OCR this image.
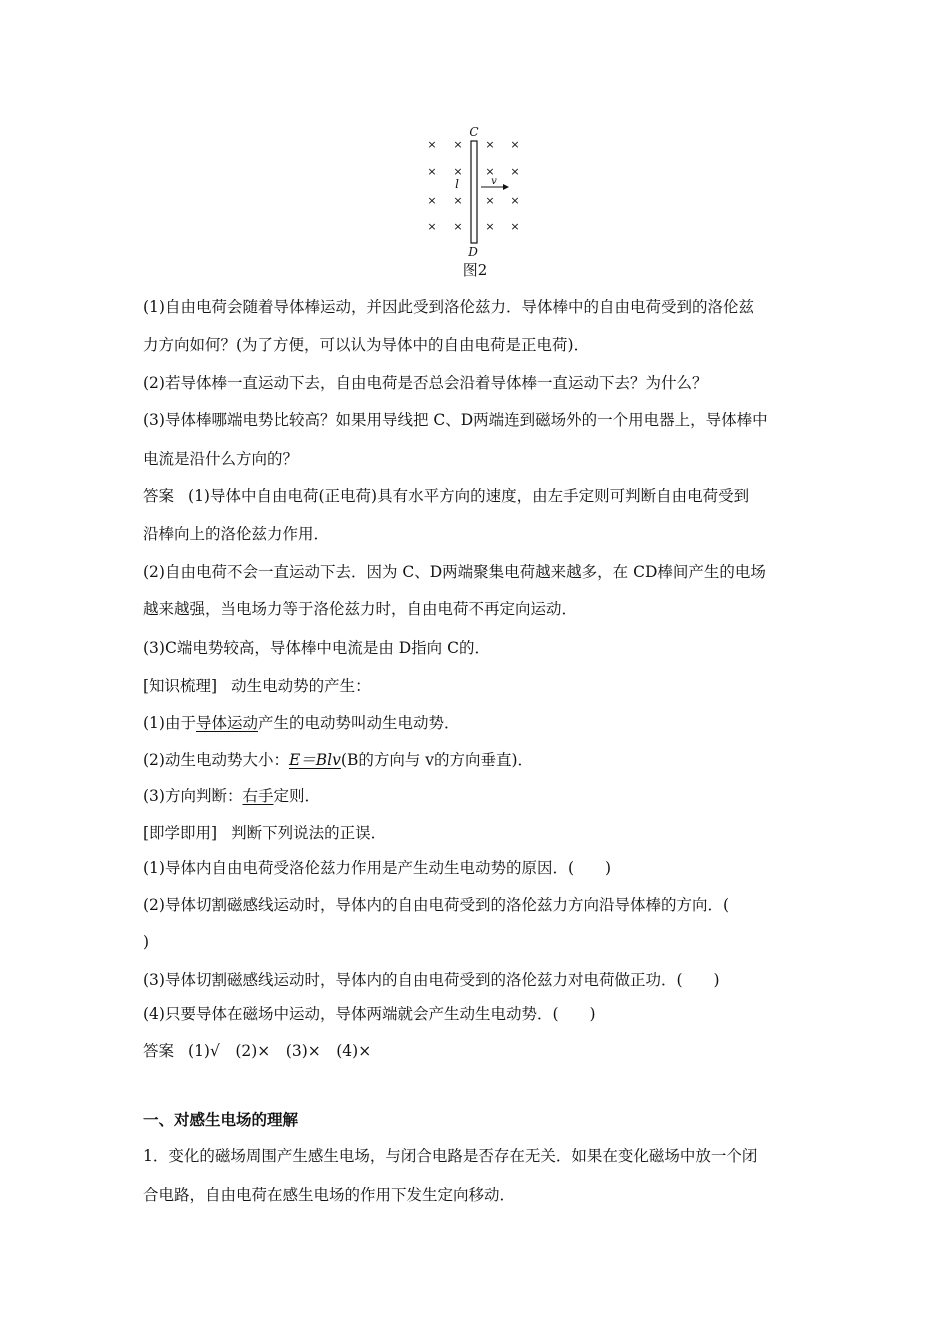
× × × ×
× × × ×
× × × ×
× × × ×
C
D
l	v
图2
(1)自由电荷会随着导体棒运动，并因此受到洛伦兹力．导体棒中的自由电荷受到的洛伦兹
力方向如何？(为了方便，可以认为导体中的自由电荷是正电荷)．
(2)若导体棒一直运动下去，自由电荷是否总会沿着导体棒一直运动下去？为什么？
(3)导体棒哪端电势比较高？如果用导线把 C、D两端连到磁场外的一个用电器上，导体棒中
电流是沿什么方向的？
答案 (1)导体中自由电荷(正电荷)具有水平方向的速度，由左手定则可判断自由电荷受到
沿棒向上的洛伦兹力作用．
(2)自由电荷不会一直运动下去．因为 C、D两端聚集电荷越来越多，在 CD棒间产生的电场
越来越强，当电场力等于洛伦兹力时，自由电荷不再定向运动．
(3)C端电势较高，导体棒中电流是由 D指向 C的．
[知识梳理] 动生电动势的产生：
(1)由于导体运动产生的电动势叫动生电动势．
(2)动生电动势大小：E＝Blv(B的方向与 v的方向垂直)．
(3)方向判断：右手定则．
[即学即用] 判断下列说法的正误．
(1)导体内自由电荷受洛伦兹力作用是产生动生电动势的原因．(　　)
(2)导体切割磁感线运动时，导体内的自由电荷受到的洛伦兹力方向沿导体棒的方向．(
)
(3)导体切割磁感线运动时，导体内的自由电荷受到的洛伦兹力对电荷做正功．(　　)
(4)只要导体在磁场中运动，导体两端就会产生动生电动势．(　　)
答案 (1)√　(2)×　(3)×　(4)×
一、对感生电场的理解
1．变化的磁场周围产生感生电场，与闭合电路是否存在无关．如果在变化磁场中放一个闭
合电路，自由电荷在感生电场的作用下发生定向移动．
